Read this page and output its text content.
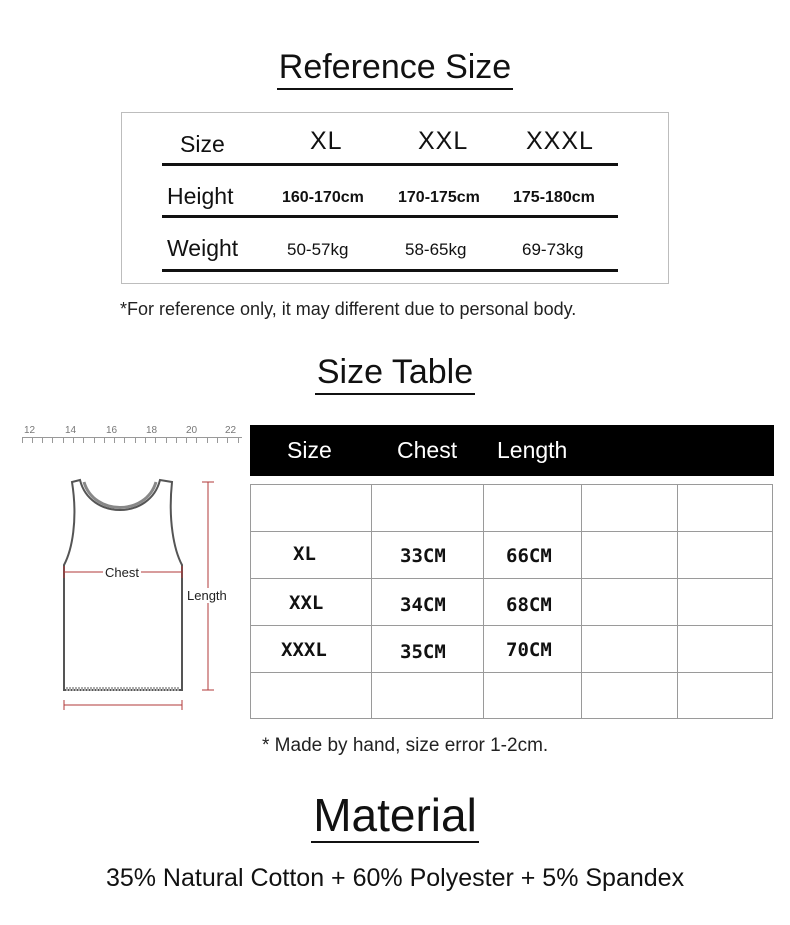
Reference Size
Size	XL	XXL XXXL
Height	160-170cm 170-175cm 175-180cm
Weight	50-57kg	58-65kg	69-73kg
*For reference only, it may different due to personal body.
Size Table
12	14	16	18	20	22
Chest
Length
Size	Chest Length
XL	33CM	66CM
XXL	34CM	68CM
XXXL	35CM	70CM
* Made by hand, size error 1-2cm.
Material
35% Natural Cotton + 60% Polyester + 5% Spandex
